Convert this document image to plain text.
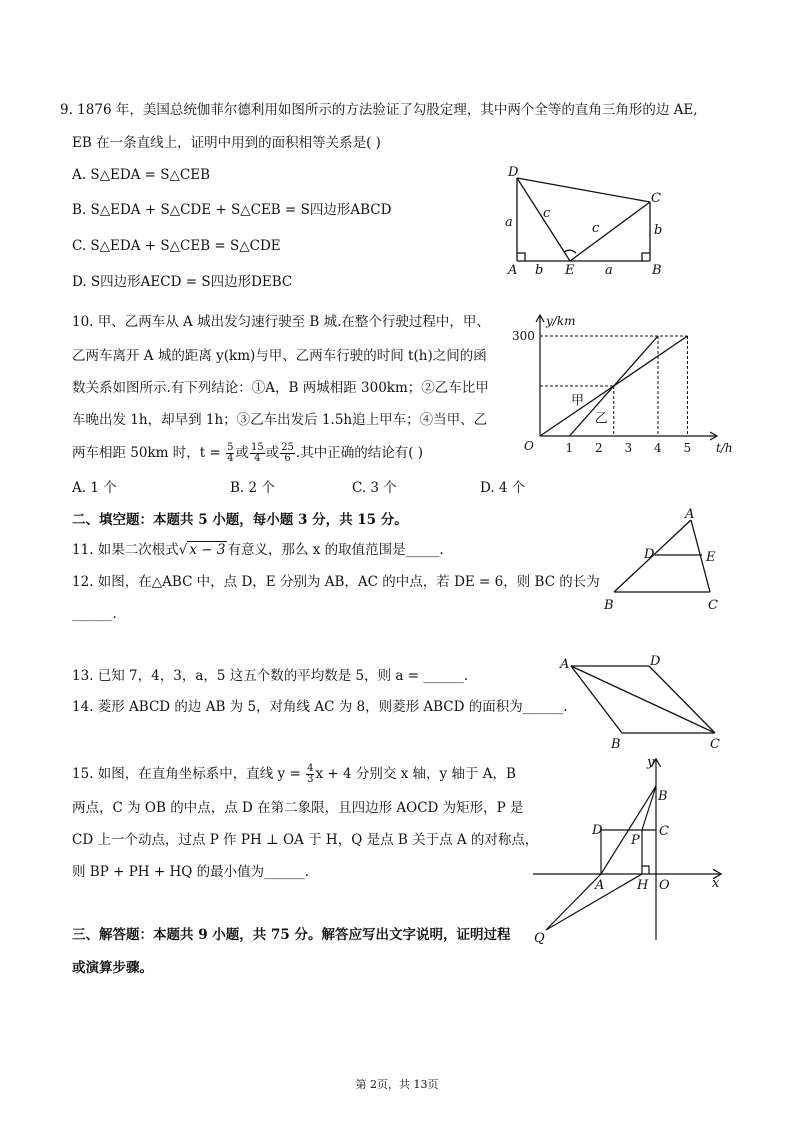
9. 1876 年，美国总统伽菲尔德利用如图所示的方法验证了勾股定理，其中两个全等的直角三角形的边 AE,
EB 在一条直线上，证明中用到的面积相等关系是( )
A. S△EDA = S△CEB
B. S△EDA + S△CDE + S△CEB = S四边形ABCD
C. S△EDA + S△CEB = S△CDE
D. S四边形AECD = S四边形DEBC
D
C
A	E	B
a
b
c
c	b
a
10. 甲、乙两车从 A 城出发匀速行驶至 B 城.在整个行驶过程中，甲、
乙两车离开 A 城的距离 y(km)与甲、乙两车行驶的时间 t(h)之间的函
数关系如图所示.有下列结论：①A，B 两城相距 300km；②乙车比甲
车晚出发 1h，却早到 1h；③乙车出发后 1.5h追上甲车；④当甲、乙
两车相距 50km 时，$t = \frac{5}{4}$ 或 $\frac{15}{4}$ 或 $\frac{25}{6}$ .其中正确的结论有( )
A. 1 个	B. 2 个	C. 3 个	D. 4 个
y/km
t/h
O	1 2 3 4 5
300
甲
乙
二、填空题：本题共 5 小题，每小题 3 分，共 15 分。
11. 如果二次根式√ x − 3 有意义，那么 x 的取值范围是_____.
12. 如图，在△ABC 中，点 D，E 分别为 AB，AC 的中点，若 DE = 6，则 BC 的长为
______.
A
D	E
B	C
13. 已知 7，4，3，a，5 这五个数的平均数是 5，则 a = ______.
14. 菱形 ABCD 的边 AB 为 5，对角线 AC 为 8，则菱形 ABCD 的面积为______.
A	D
B	C
15. 如图，在直角坐标系中，直线 $y = \frac{4}{3}$ x + 4 分别交 x 轴，y 轴于 A，B
两点，C 为 OB 的中点，点 D 在第二象限，且四边形 AOCD 为矩形，P 是
CD 上一个动点，过点 P 作 PH ⊥ OA 于 H，Q 是点 B 关于点 A 的对称点，
则 BP + PH + HQ 的最小值为______.
y
x
B
D	C
P
A	H O
Q
三、解答题：本题共 9 小题，共 75 分。解答应写出文字说明，证明过程
或演算步骤。
第 2页，共 13页
